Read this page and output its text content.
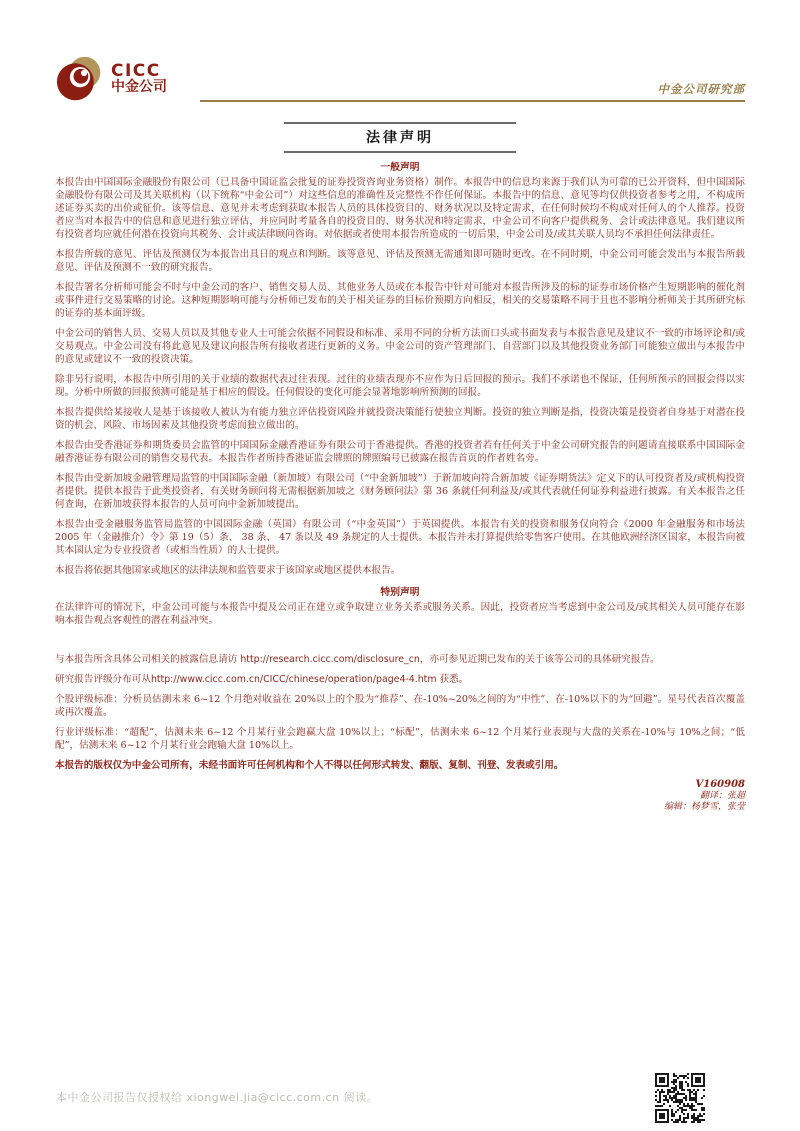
CICC
中金公司	中金公司研究部
法律声明
一般声明

本报告由中国国际金融股份有限公司（已具备中国证监会批复的证券投资咨询业务资格）制作。本报告中的信息均来源于我们认为可靠的已公开资料，但中国国际金融股份有限公司及其关联机构（以下统称“中金公司”）对这些信息的准确性及完整性不作任何保证。本报告中的信息、意见等均仅供投资者参考之用，不构成所述证券买卖的出价或征价。该等信息、意见并未考虑到获取本报告人员的具体投资目的、财务状况以及特定需求，在任何时候均不构成对任何人的个人推荐。投资者应当对本报告中的信息和意见进行独立评估，并应同时考量各自的投资目的、财务状况和特定需求，中金公司不向客户提供税务、会计或法律意见。我们建议所有投资者均应就任何潜在投资向其税务、会计或法律顾问咨询。对依据或者使用本报告所造成的一切后果，中金公司及/或其关联人员均不承担任何法律责任。

本报告所载的意见、评估及预测仅为本报告出具日的观点和判断。该等意见、评估及预测无需通知即可随时更改。在不同时期，中金公司可能会发出与本报告所载意见、评估及预测不一致的研究报告。

本报告署名分析师可能会不时与中金公司的客户、销售交易人员、其他业务人员或在本报告中针对可能对本报告所涉及的标的证券市场价格产生短期影响的催化剂或事件进行交易策略的讨论。这种短期影响可能与分析师已发布的关于相关证券的目标价预期方向相反，相关的交易策略不同于且也不影响分析师关于其所研究标的证券的基本面评级。

中金公司的销售人员、交易人员以及其他专业人士可能会依据不同假设和标准、采用不同的分析方法而口头或书面发表与本报告意见及建议不一致的市场评论和/或交易观点。中金公司没有将此意见及建议向报告所有接收者进行更新的义务。中金公司的资产管理部门、自营部门以及其他投资业务部门可能独立做出与本报告中的意见或建议不一致的投资决策。

除非另行说明，本报告中所引用的关于业绩的数据代表过往表现。过往的业绩表现亦不应作为日后回报的预示。我们不承诺也不保证，任何所预示的回报会得以实现。分析中所做的回报预测可能是基于相应的假设。任何假设的变化可能会显著地影响所预测的回报。

本报告提供给某接收人是基于该接收人被认为有能力独立评估投资风险并就投资决策能行使独立判断。投资的独立判断是指，投资决策是投资者自身基于对潜在投资的机会、风险、市场因素及其他投资考虑而独立做出的。

本报告由受香港证券和期货委员会监管的中国国际金融香港证券有限公司于香港提供。香港的投资者若有任何关于中金公司研究报告的问题请直接联系中国国际金融香港证券有限公司的销售交易代表。本报告作者所持香港证监会牌照的牌照编号已披露在报告首页的作者姓名旁。

本报告由受新加坡金融管理局监管的中国国际金融（新加坡）有限公司（“中金新加坡”）于新加坡向符合新加坡《证券期货法》定义下的认可投资者及/或机构投资者提供。提供本报告于此类投资者，有关财务顾问将无需根据新加坡之《财务顾问法》第 36 条就任何利益及/或其代表就任何证券利益进行披露。有关本报告之任何查询，在新加坡获得本报告的人员可向中金新加坡提出。

本报告由受金融服务监管局监管的中国国际金融（英国）有限公司（“中金英国”）于英国提供。本报告有关的投资和服务仅向符合《2000 年金融服务和市场法 2005 年（金融推介）令》第 19（5）条、 38 条、 47 条以及 49 条规定的人士提供。本报告并未打算提供给零售客户使用。在其他欧洲经济区国家，本报告向被其本国认定为专业投资者（或相当性质）的人士提供。

本报告将依据其他国家或地区的法律法规和监管要求于该国家或地区提供本报告。

特别声明

在法律许可的情况下，中金公司可能与本报告中提及公司正在建立或争取建立业务关系或服务关系。因此，投资者应当考虑到中金公司及/或其相关人员可能存在影响本报告观点客观性的潜在利益冲突。

与本报告所含具体公司相关的披露信息请访 http://research.cicc.com/disclosure_cn，亦可参见近期已发布的关于该等公司的具体研究报告。

研究报告评级分布可从http://www.cicc.com.cn/CICC/chinese/operation/page4-4.htm 获悉。

个股评级标准：分析员估测未来 6~12 个月绝对收益在 20%以上的个股为“推荐”、在-10%~20%之间的为“中性”、在-10%以下的为“回避”。星号代表首次覆盖或再次覆盖。

行业评级标准：“超配”，估测未来 6~12 个月某行业会跑赢大盘 10%以上；“标配”，估测未来 6~12 个月某行业表现与大盘的关系在-10%与 10%之间；“低配”，估测未来 6~12 个月某行业会跑输大盘 10%以上。

本报告的版权仅为中金公司所有，未经书面许可任何机构和个人不得以任何形式转发、翻版、复制、刊登、发表或引用。

V160908
翻译：张超
编辑：杨梦雪，张莹
本中金公司报告仅授权给 xiongwei.jia@cicc.com.cn 阅读。
